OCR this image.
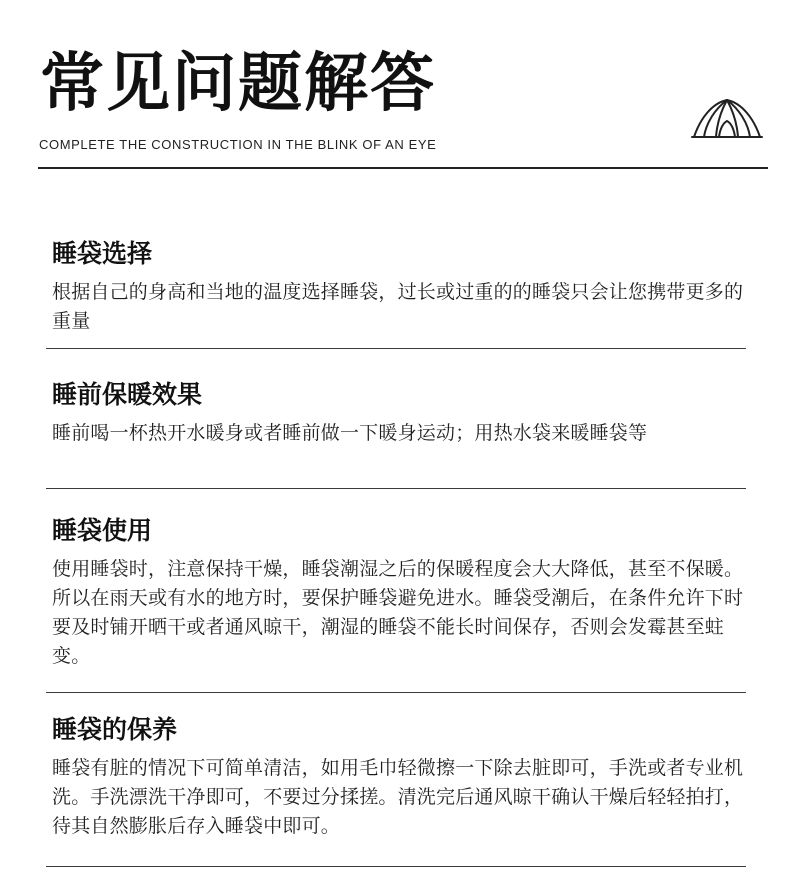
常见问题解答
COMPLETE THE CONSTRUCTION IN THE BLINK OF AN EYE
睡袋选择
根据自己的身高和当地的温度选择睡袋，过长或过重的的睡袋只会让您携带更多的重量
睡前保暖效果
睡前喝一杯热开水暖身或者睡前做一下暖身运动；用热水袋来暖睡袋等
睡袋使用
使用睡袋时，注意保持干燥，睡袋潮湿之后的保暖程度会大大降低，甚至不保暖。所以在雨天或有水的地方时，要保护睡袋避免进水。睡袋受潮后，在条件允许下时要及时铺开晒干或者通风晾干，潮湿的睡袋不能长时间保存，否则会发霉甚至蛀变。
睡袋的保养
睡袋有脏的情况下可简单清洁，如用毛巾轻微擦一下除去脏即可，手洗或者专业机洗。手洗漂洗干净即可，不要过分揉搓。清洗完后通风晾干确认干燥后轻轻拍打，待其自然膨胀后存入睡袋中即可。
